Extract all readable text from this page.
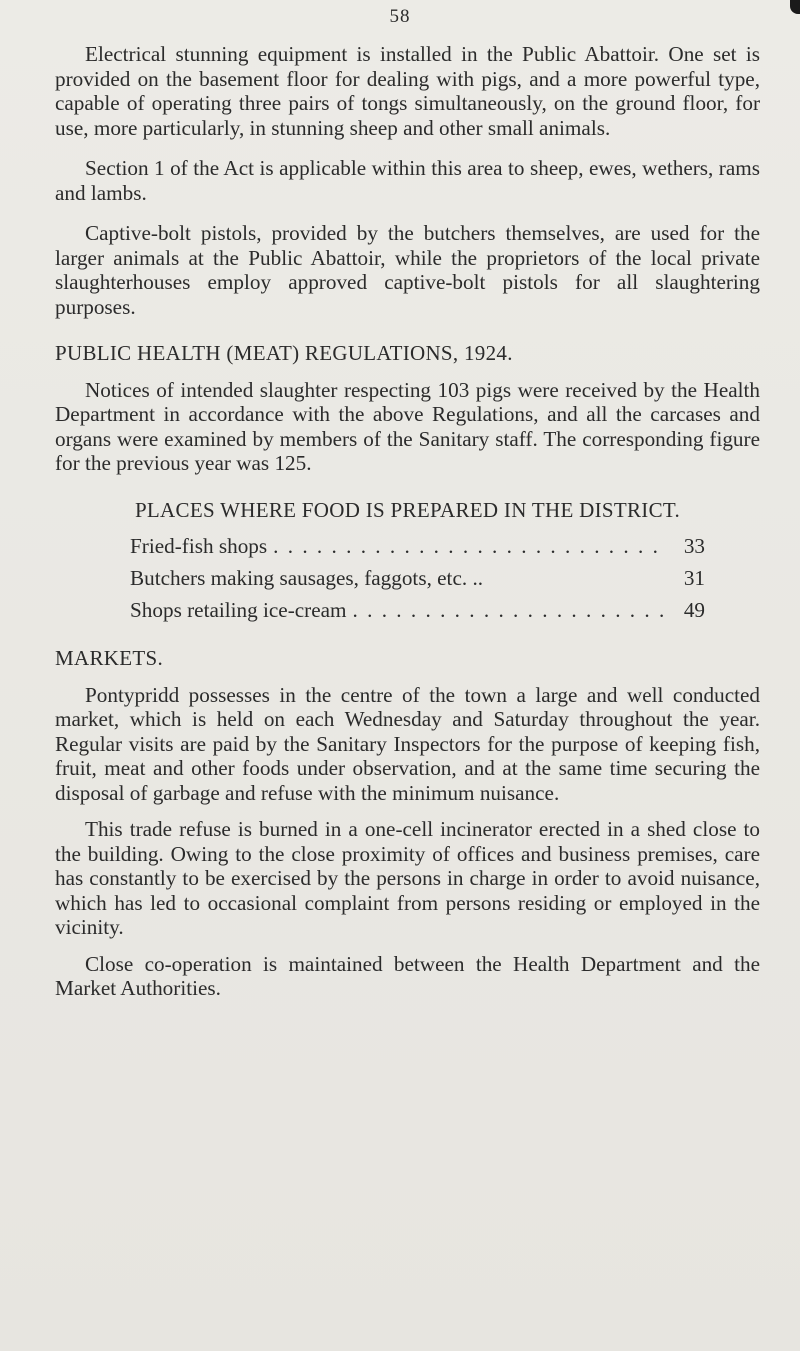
58

Electrical stunning equipment is installed in the Public Abattoir. One set is provided on the basement floor for dealing with pigs, and a more powerful type, capable of operating three pairs of tongs simultaneously, on the ground floor, for use, more particularly, in stunning sheep and other small animals.

Section 1 of the Act is applicable within this area to sheep, ewes, wethers, rams and lambs.

Captive-bolt pistols, provided by the butchers themselves, are used for the larger animals at the Public Abattoir, while the proprietors of the local private slaughterhouses employ approved captive-bolt pistols for all slaughtering purposes.

PUBLIC HEALTH (MEAT) REGULATIONS, 1924.

Notices of intended slaughter respecting 103 pigs were received by the Health Department in accordance with the above Regulations, and all the carcases and organs were examined by members of the Sanitary staff. The corresponding figure for the previous year was 125.

PLACES WHERE FOOD IS PREPARED IN THE DISTRICT.
Fried-fish shops . . .	33
Butchers making sausages, faggots, etc. ..	31
Shops retailing ice-cream . . .	49
MARKETS.

Pontypridd possesses in the centre of the town a large and well conducted market, which is held on each Wednesday and Saturday throughout the year. Regular visits are paid by the Sanitary Inspectors for the purpose of keeping fish, fruit, meat and other foods under observation, and at the same time securing the disposal of garbage and refuse with the minimum nuisance.

This trade refuse is burned in a one-cell incinerator erected in a shed close to the building. Owing to the close proximity of offices and business premises, care has constantly to be exercised by the persons in charge in order to avoid nuisance, which has led to occasional complaint from persons residing or employed in the vicinity.

Close co-operation is maintained between the Health Department and the Market Authorities.
